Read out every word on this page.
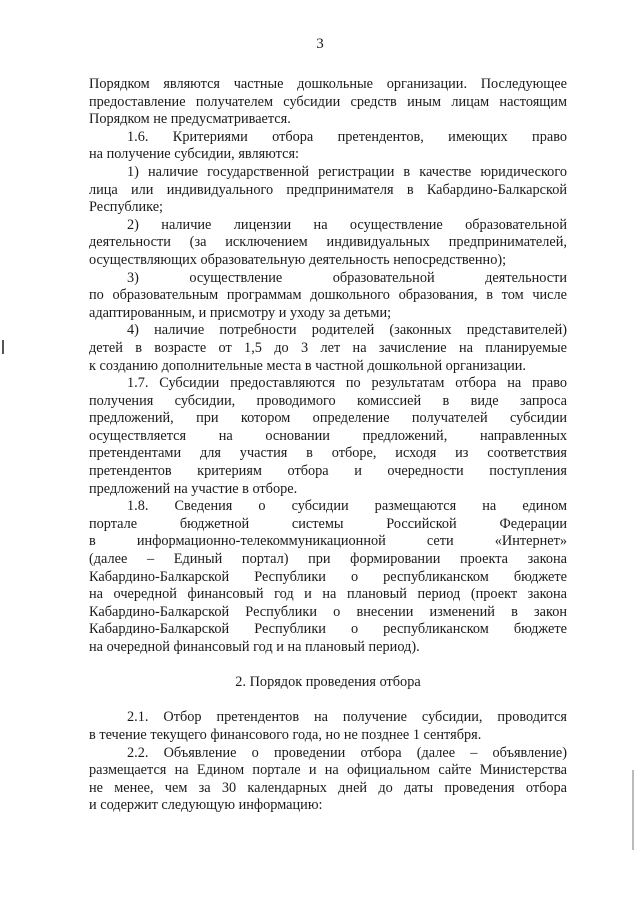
3
Порядком являются частные дошкольные организации. Последующее
предоставление получателем субсидии средств иным лицам настоящим
Порядком не предусматривается.
1.6. Критериями отбора претендентов, имеющих право
на получение субсидии, являются:
1) наличие государственной регистрации в качестве юридического
лица или индивидуального предпринимателя в Кабардино-Балкарской
Республике;
2) наличие лицензии на осуществление образовательной
деятельности (за исключением индивидуальных предпринимателей,
осуществляющих образовательную деятельность непосредственно);
3) осуществление образовательной деятельности
по образовательным программам дошкольного образования, в том числе
адаптированным, и присмотру и уходу за детьми;
4) наличие потребности родителей (законных представителей)
детей в возрасте от 1,5 до 3 лет на зачисление на планируемые
к созданию дополнительные места в частной дошкольной организации.
1.7. Субсидии предоставляются по результатам отбора на право
получения субсидии, проводимого комиссией в виде запроса
предложений, при котором определение получателей субсидии
осуществляется на основании предложений, направленных
претендентами для участия в отборе, исходя из соответствия
претендентов критериям отбора и очередности поступления
предложений на участие в отборе.
1.8. Сведения о субсидии размещаются на едином
портале бюджетной системы Российской Федерации
в информационно-телекоммуникационной сети «Интернет»
(далее – Единый портал) при формировании проекта закона
Кабардино-Балкарской Республики о республиканском бюджете
на очередной финансовый год и на плановый период (проект закона
Кабардино-Балкарской Республики о внесении изменений в закон
Кабардино-Балкарской Республики о республиканском бюджете
на очередной финансовый год и на плановый период).
2. Порядок проведения отбора
2.1. Отбор претендентов на получение субсидии, проводится
в течение текущего финансового года, но не позднее 1 сентября.
2.2. Объявление о проведении отбора (далее – объявление)
размещается на Едином портале и на официальном сайте Министерства
не менее, чем за 30 календарных дней до даты проведения отбора
и содержит следующую информацию:
